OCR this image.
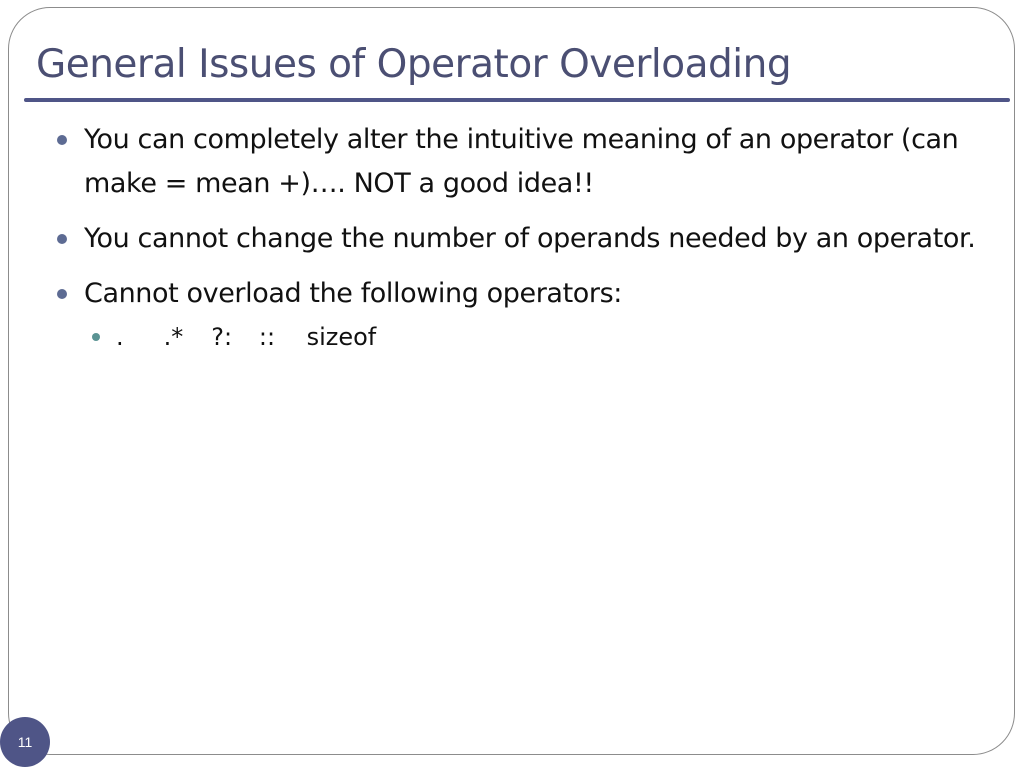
General Issues of Operator Overloading
You can completely alter the intuitive meaning of an operator (can make = mean +)…. NOT a good idea!!
You cannot change the number of operands needed by an operator.
Cannot overload the following operators:
. .* ?: :: sizeof
11
